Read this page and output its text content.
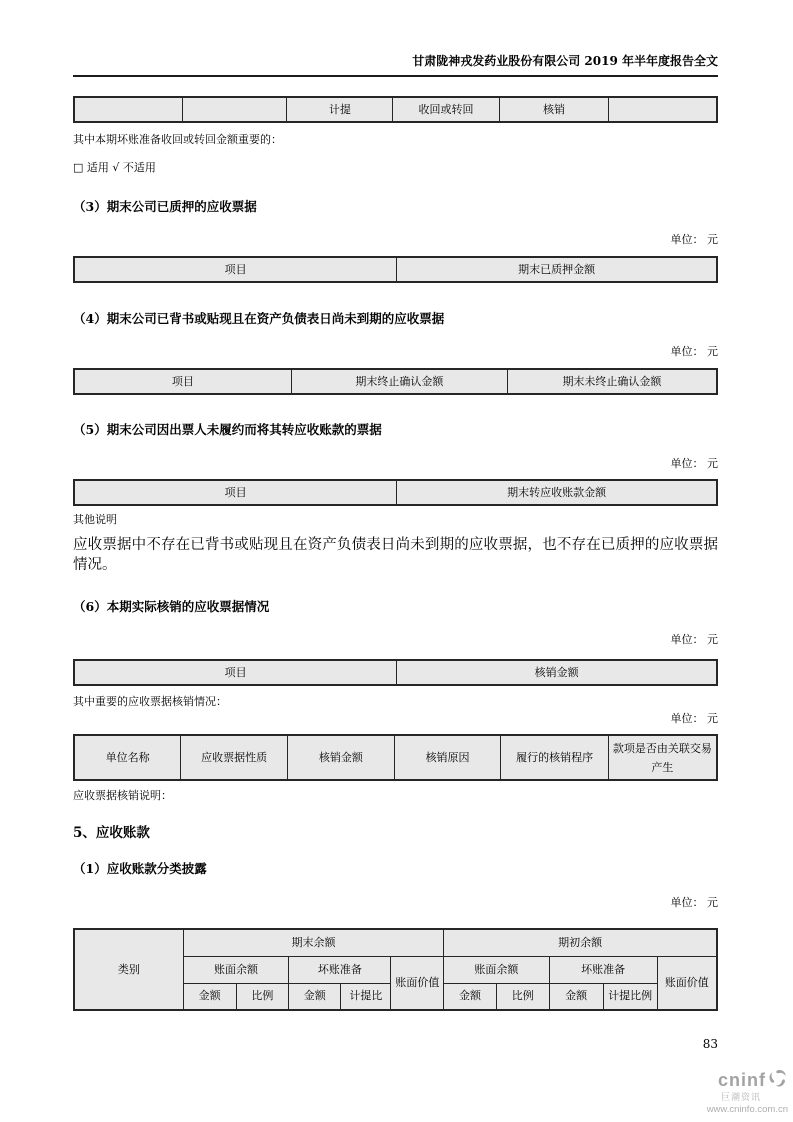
甘肃陇神戎发药业股份有限公司 2019 年半年度报告全文
		计提	收回或转回	核销	
其中本期坏账准备收回或转回金额重要的：
□ 适用 √ 不适用
（3）期末公司已质押的应收票据
单位： 元
项目	期末已质押金额
（4）期末公司已背书或贴现且在资产负债表日尚未到期的应收票据
单位： 元
项目	期末终止确认金额	期末未终止确认金额
（5）期末公司因出票人未履约而将其转应收账款的票据
单位： 元
项目	期末转应收账款金额
其他说明
应收票据中不存在已背书或贴现且在资产负债表日尚未到期的应收票据，也不存在已质押的应收票据情况。
（6）本期实际核销的应收票据情况
单位： 元
项目	核销金额
其中重要的应收票据核销情况：
单位： 元
单位名称	应收票据性质	核销金额	核销原因	履行的核销程序	款项是否由关联交易产生
应收票据核销说明：
5、应收账款
（1）应收账款分类披露
单位： 元
类别	期末余额					期初余额				
	账面余额		坏账准备		账面价值	账面余额		坏账准备		账面价值
	金额	比例	金额	计提比		金额	比例	金额	计提比例	
83
cninf
巨潮资讯
www.cninfo.com.cn
